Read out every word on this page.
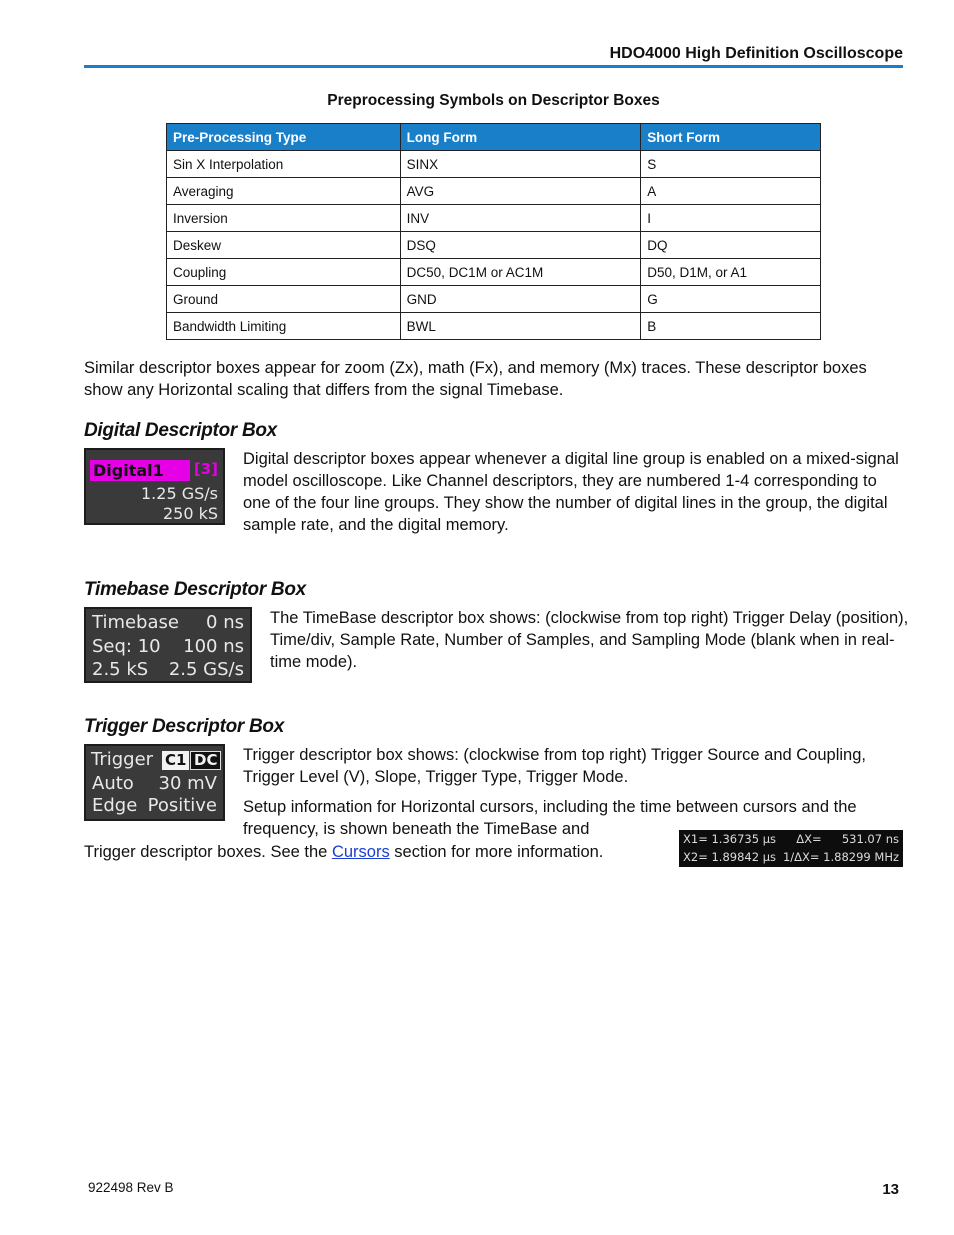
HDO4000 High Definition Oscilloscope
Preprocessing Symbols on Descriptor Boxes
Pre-Processing Type	Long Form	Short Form
Sin X Interpolation	SINX	S
Averaging	AVG	A
Inversion	INV	I
Deskew	DSQ	DQ
Coupling	DC50, DC1M or AC1M	D50, D1M, or A1
Ground	GND	G
Bandwidth Limiting	BWL	B
Similar descriptor boxes appear for zoom (Zx), math (Fx), and memory (Mx) traces. These descriptor boxes show any Horizontal scaling that differs from the signal Timebase.
Digital Descriptor Box
Digital1	[3]
1.25 GS/s
250 kS
Digital descriptor boxes appear whenever a digital line group is enabled on a mixed-signal model oscilloscope. Like Channel descriptors, they are numbered 1-4 corresponding to one of the four line groups. They show the number of digital lines in the group, the digital sample rate, and the digital memory.
Timebase Descriptor Box
Timebase 0 ns
Seq: 10 100 ns
2.5 kS 2.5 GS/s
The TimeBase descriptor box shows: (clockwise from top right) Trigger Delay (position), Time/div, Sample Rate, Number of Samples, and Sampling Mode (blank when in real-time mode).
Trigger Descriptor Box
Trigger C1 DC
Auto 30 mV
Edge Positive
Trigger descriptor box shows: (clockwise from top right) Trigger Source and Coupling, Trigger Level (V), Slope, Trigger Type, Trigger Mode.
Setup information for Horizontal cursors, including the time between cursors and the frequency, is shown beneath the TimeBase and
Trigger descriptor boxes. See the Cursors section for more information.
X1= 1.36735 µs ΔX= 531.07 ns
X2= 1.89842 µs 1/ΔX= 1.88299 MHz
922498 Rev B	13
